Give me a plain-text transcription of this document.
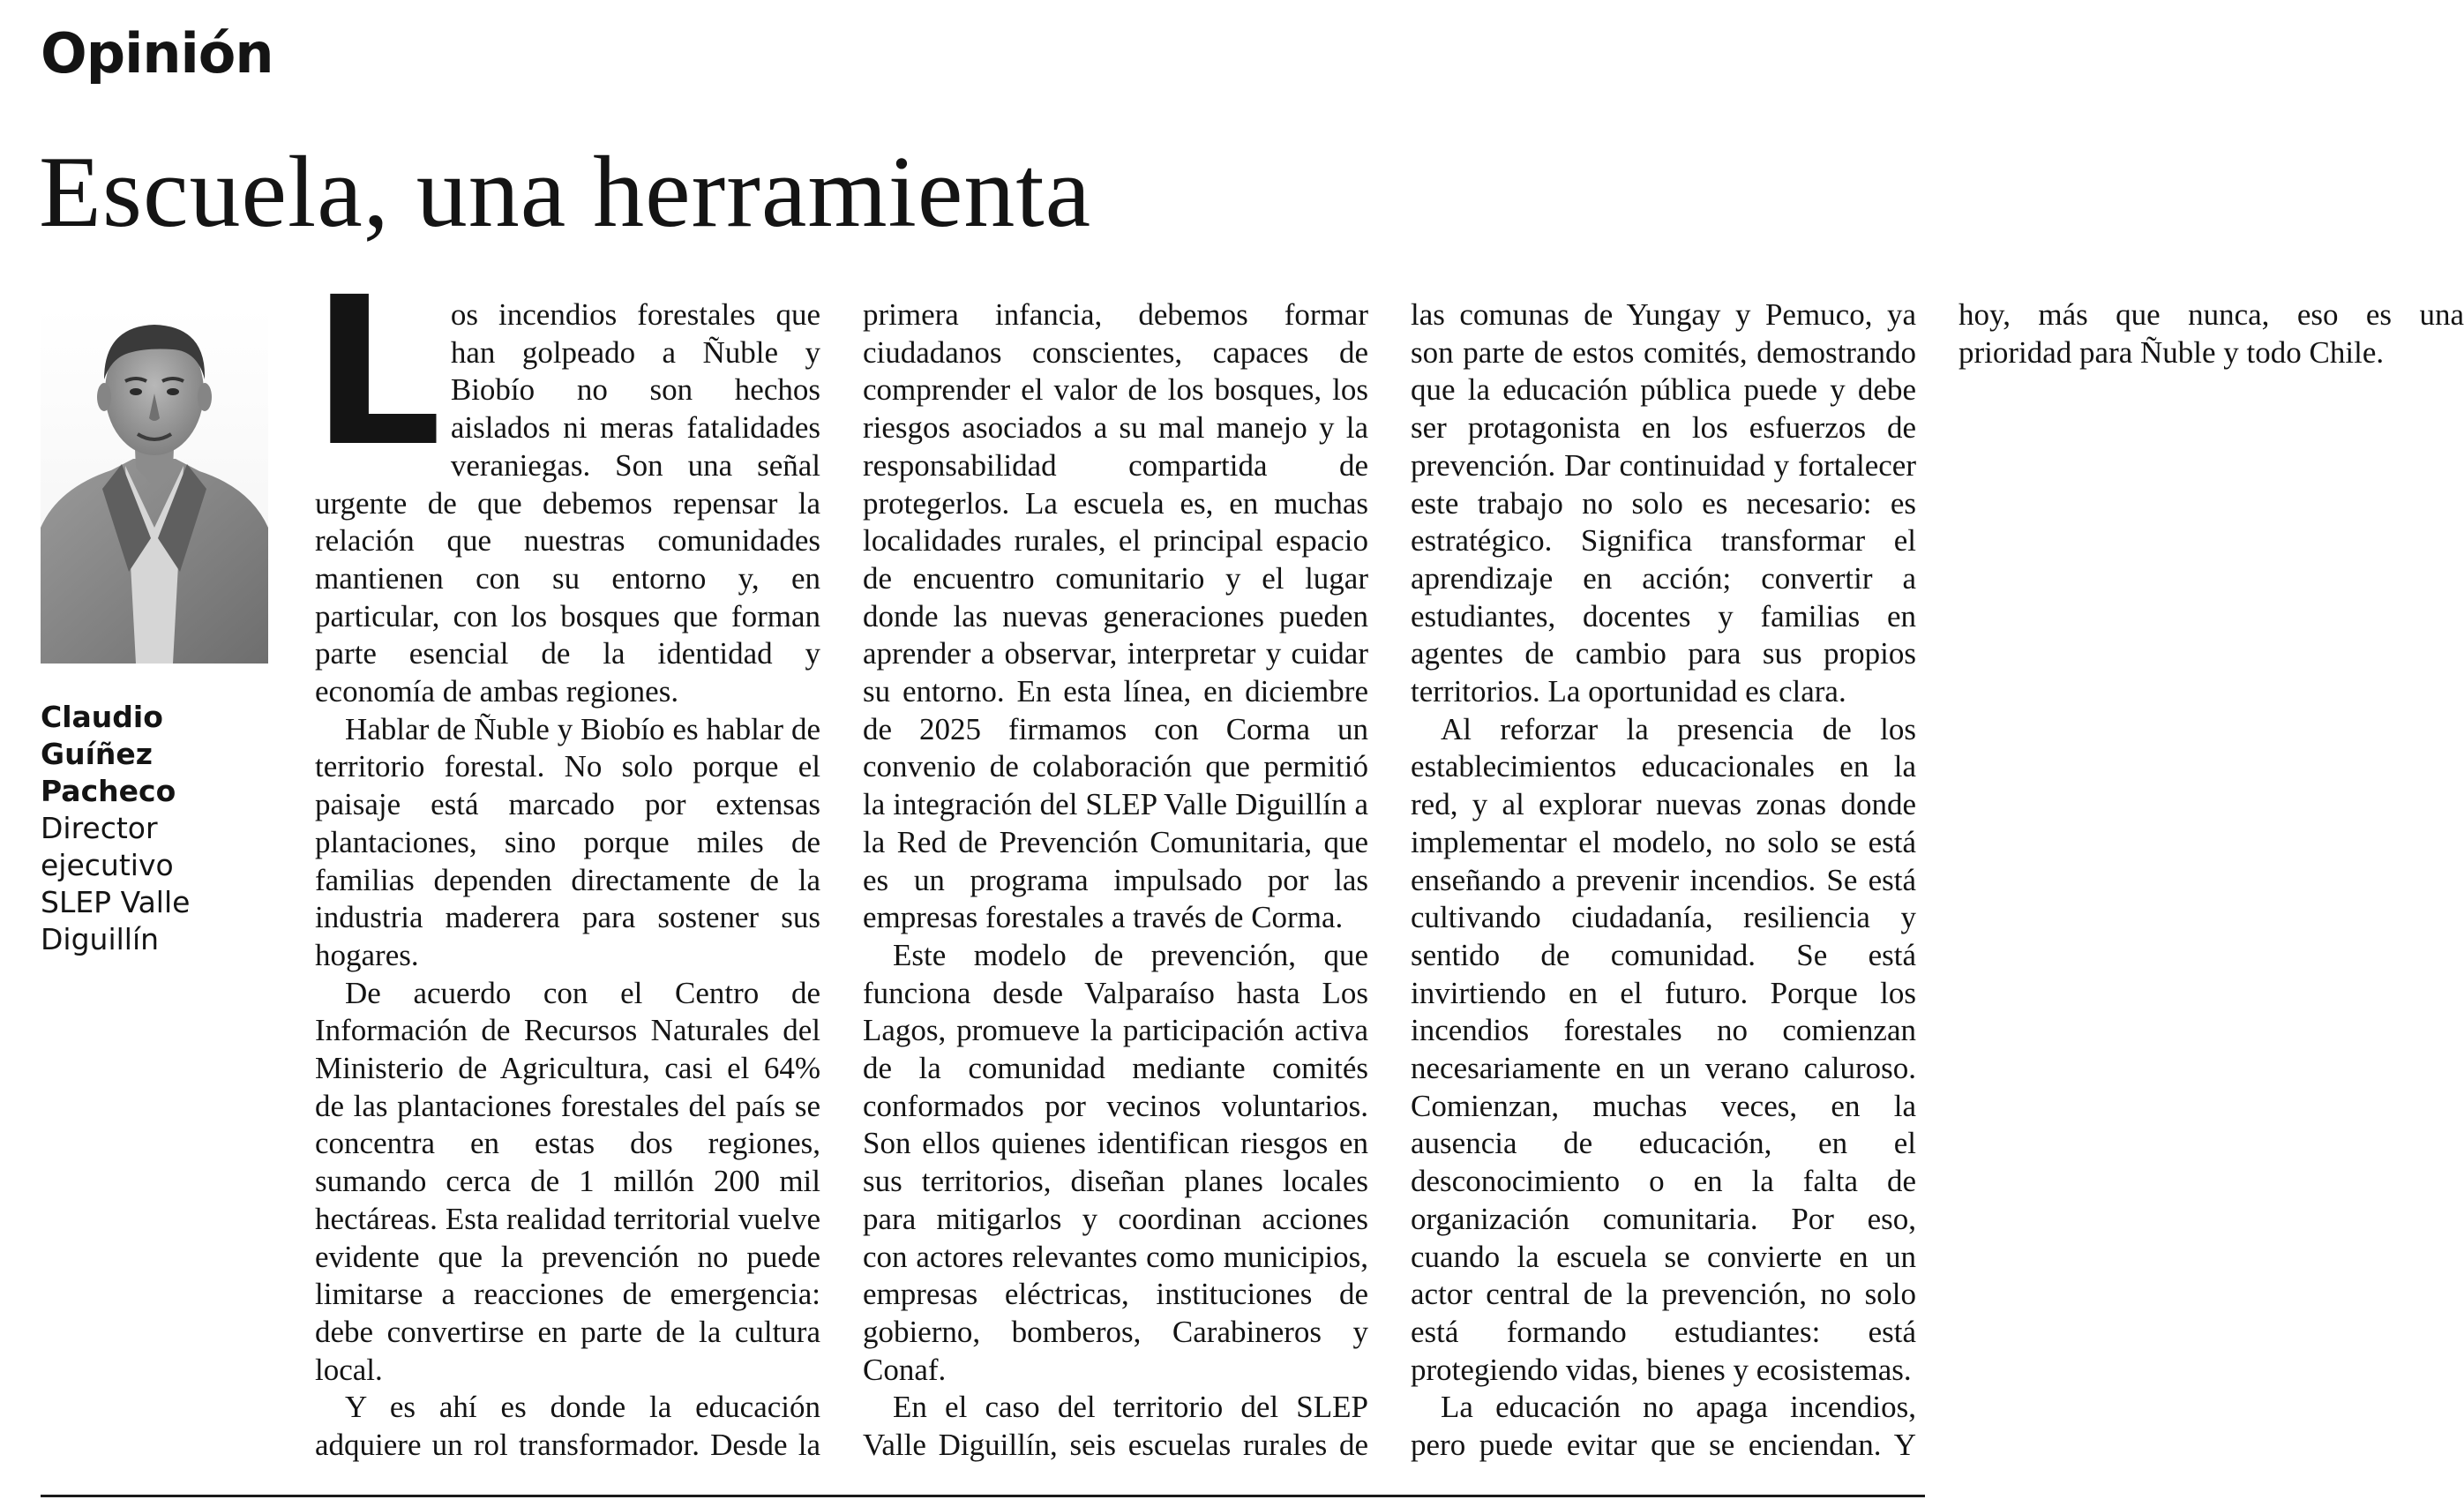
Opinión
Escuela, una herramienta
Claudio
Guíñez
Pacheco
Director
ejecutivo
SLEP Valle
Diguillín

Los incendios forestales que han golpeado a Ñuble y Biobío no son hechos aislados ni meras fatalidades veraniegas. Son una señal urgente de que debemos repensar la relación que nuestras comunidades mantienen con su entorno y, en particular, con los bosques que forman parte esencial de la identidad y economía de ambas regiones.

Hablar de Ñuble y Biobío es hablar de territorio forestal. No solo porque el paisaje está marcado por extensas plantaciones, sino porque miles de familias dependen directamente de la industria maderera para sostener sus hogares.

De acuerdo con el Centro de Información de Recursos Naturales del Ministerio de Agricultura, casi el 64% de las plantaciones forestales del país se concentra en estas dos regiones, sumando cerca de 1 millón 200 mil hectáreas. Esta realidad territorial vuelve evidente que la prevención no puede limitarse a reacciones de emergencia: debe convertirse en parte de la cultura local.

Y es ahí es donde la educación adquiere un rol transformador. Desde la primera infancia, debemos formar ciudadanos conscientes, capaces de comprender el valor de los bosques, los riesgos asociados a su mal manejo y la responsabilidad compartida de protegerlos. La escuela es, en muchas localidades rurales, el principal espacio de encuentro comunitario y el lugar donde las nuevas generaciones pueden aprender a observar, interpretar y cuidar su entorno. En esta línea, en diciembre de 2025 firmamos con Corma un convenio de colaboración que permitió la integración del SLEP Valle Diguillín a la Red de Prevención Comunitaria, que es un programa impulsado por las empresas forestales a través de Corma.

Este modelo de prevención, que funciona desde Valparaíso hasta Los Lagos, promueve la participación activa de la comunidad mediante comités conformados por vecinos voluntarios. Son ellos quienes identifican riesgos en sus territorios, diseñan planes locales para mitigarlos y coordinan acciones con actores relevantes como municipios, empresas eléctricas, instituciones de gobierno, bomberos, Carabineros y Conaf.

En el caso del territorio del SLEP Valle Diguillín, seis escuelas rurales de las comunas de Yungay y Pemuco, ya son parte de estos comités, demostrando que la educación pública puede y debe ser protagonista en los esfuerzos de prevención. Dar continuidad y fortalecer este trabajo no solo es necesario: es estratégico. Significa transformar el aprendizaje en acción; convertir a estudiantes, docentes y familias en agentes de cambio para sus propios territorios. La oportunidad es clara.

Al reforzar la presencia de los establecimientos educacionales en la red, y al explorar nuevas zonas donde implementar el modelo, no solo se está enseñando a prevenir incendios. Se está cultivando ciudadanía, resiliencia y sentido de comunidad. Se está invirtiendo en el futuro. Porque los incendios forestales no comienzan necesariamente en un verano caluroso. Comienzan, muchas veces, en la ausencia de educación, en el desconocimiento o en la falta de organización comunitaria. Por eso, cuando la escuela se convierte en un actor central de la prevención, no solo está formando estudiantes: está protegiendo vidas, bienes y ecosistemas.

La educación no apaga incendios, pero puede evitar que se enciendan. Y hoy, más que nunca, eso es una prioridad para Ñuble y todo Chile.
